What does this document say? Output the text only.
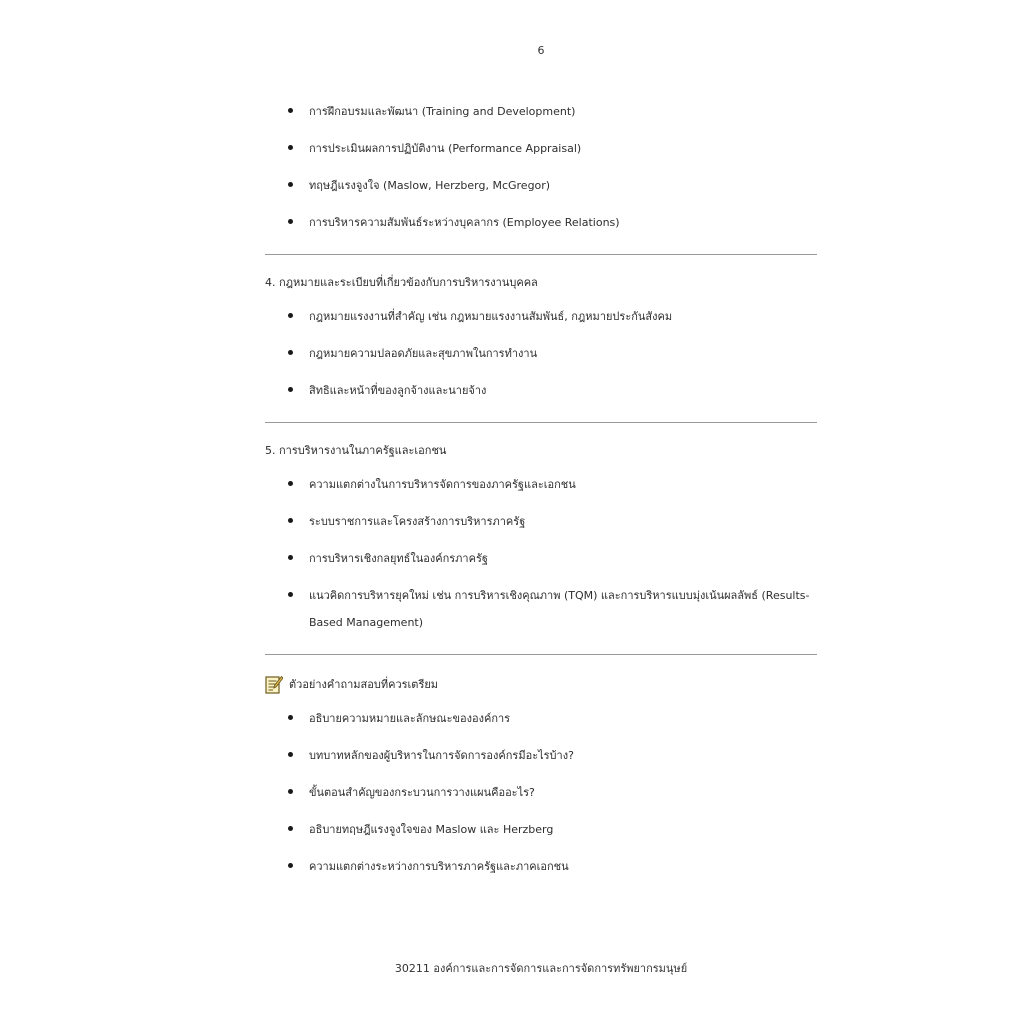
6
การฝึกอบรมและพัฒนา (Training and Development)
การประเมินผลการปฏิบัติงาน (Performance Appraisal)
ทฤษฎีแรงจูงใจ (Maslow, Herzberg, McGregor)
การบริหารความสัมพันธ์ระหว่างบุคลากร (Employee Relations)
4. กฎหมายและระเบียบที่เกี่ยวข้องกับการบริหารงานบุคคล
กฎหมายแรงงานที่สำคัญ เช่น กฎหมายแรงงานสัมพันธ์, กฎหมายประกันสังคม
กฎหมายความปลอดภัยและสุขภาพในการทำงาน
สิทธิและหน้าที่ของลูกจ้างและนายจ้าง
5. การบริหารงานในภาครัฐและเอกชน
ความแตกต่างในการบริหารจัดการของภาครัฐและเอกชน
ระบบราชการและโครงสร้างการบริหารภาครัฐ
การบริหารเชิงกลยุทธ์ในองค์กรภาครัฐ
แนวคิดการบริหารยุคใหม่ เช่น การบริหารเชิงคุณภาพ (TQM) และการบริหารแบบมุ่งเน้นผลลัพธ์ (Results-Based Management)
ตัวอย่างคำถามสอบที่ควรเตรียม
อธิบายความหมายและลักษณะขององค์การ
บทบาทหลักของผู้บริหารในการจัดการองค์กรมีอะไรบ้าง?
ขั้นตอนสำคัญของกระบวนการวางแผนคืออะไร?
อธิบายทฤษฎีแรงจูงใจของ Maslow และ Herzberg
ความแตกต่างระหว่างการบริหารภาครัฐและภาคเอกชน
30211 องค์การและการจัดการและการจัดการทรัพยากรมนุษย์
